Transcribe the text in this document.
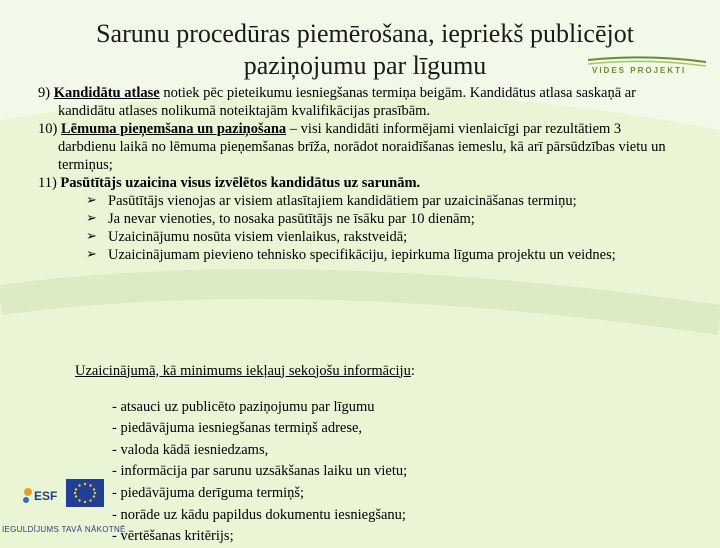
Sarunu procedūras piemērošana, iepriekš publicējot paziņojumu par līgumu	VIDES PROJEKTI

9) Kandidātu atlase notiek pēc pieteikumu iesniegšanas termiņa beigām. Kandidātus atlasa saskaņā ar kandidātu atlases nolikumā noteiktajām kvalifikācijas prasībām.

10) Lēmuma pieņemšana un paziņošana – visi kandidāti informējami vienlaicīgi par rezultātiem 3 darbdienu laikā no lēmuma pieņemšanas brīža, norādot noraidīšanas iemeslu, kā arī pārsūdzības vietu un termiņus;

11) Pasūtītājs uzaicina visus izvēlētos kandidātus uz sarunām.

➢ Pasūtītājs vienojas ar visiem atlasītajiem kandidātiem par uzaicināšanas termiņu;
➢ Ja nevar vienoties, to nosaka pasūtītājs ne īsāku par 10 dienām;
➢ Uzaicinājumu nosūta visiem vienlaikus, rakstveidā;
➢ Uzaicinājumam pievieno tehnisko specifikāciju, iepirkuma līguma projektu un veidnes;

Uzaicinājumā, kā minimums iekļauj sekojošu informāciju:

- atsauci uz publicēto paziņojumu par līgumu
- piedāvājuma iesniegšanas termiņš adrese,
- valoda kādā iesniedzams,
- informācija par sarunu uzsākšanas laiku un vietu;
- piedāvājuma derīguma termiņš;
- norāde uz kādu papildus dokumentu iesniegšanu;
- vērtēšanas kritērijs;
ESF
IEGULDĪJUMS TAVĀ NĀKOTNĒ
